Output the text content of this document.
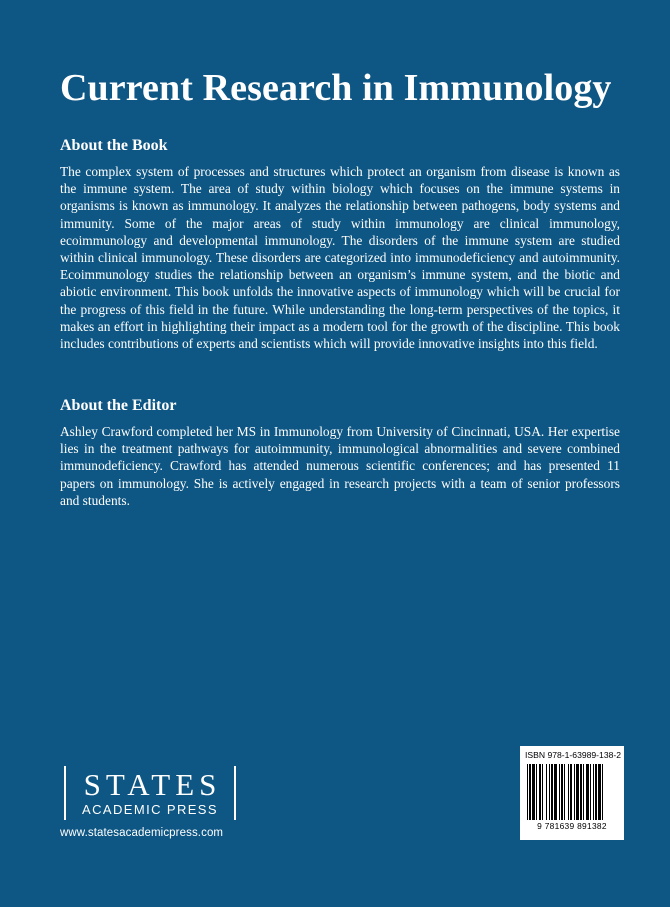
Current Research in Immunology
About the Book

The complex system of processes and structures which protect an organism from disease is known as the immune system. The area of study within biology which focuses on the immune systems in organisms is known as immunology. It analyzes the relationship between pathogens, body systems and immunity. Some of the major areas of study within immunology are clinical immunology, ecoimmunology and developmental immunology. The disorders of the immune system are studied within clinical immunology. These disorders are categorized into immunodeficiency and autoimmunity. Ecoimmunology studies the relationship between an organism’s immune system, and the biotic and abiotic environment. This book unfolds the innovative aspects of immunology which will be crucial for the progress of this field in the future. While understanding the long-term perspectives of the topics, it makes an effort in highlighting their impact as a modern tool for the growth of the discipline. This book includes contributions of experts and scientists which will provide innovative insights into this field.

About the Editor

Ashley Crawford completed her MS in Immunology from University of Cincinnati, USA. Her expertise lies in the treatment pathways for autoimmunity, immunological abnormalities and severe combined immunodeficiency. Crawford has attended numerous scientific conferences; and has presented 11 papers on immunology. She is actively engaged in research projects with a team of senior professors and students.

STATES
ACADEMIC PRESS
www.statesacademicpress.com
ISBN 978-1-63989-138-2
9 781639 891382
